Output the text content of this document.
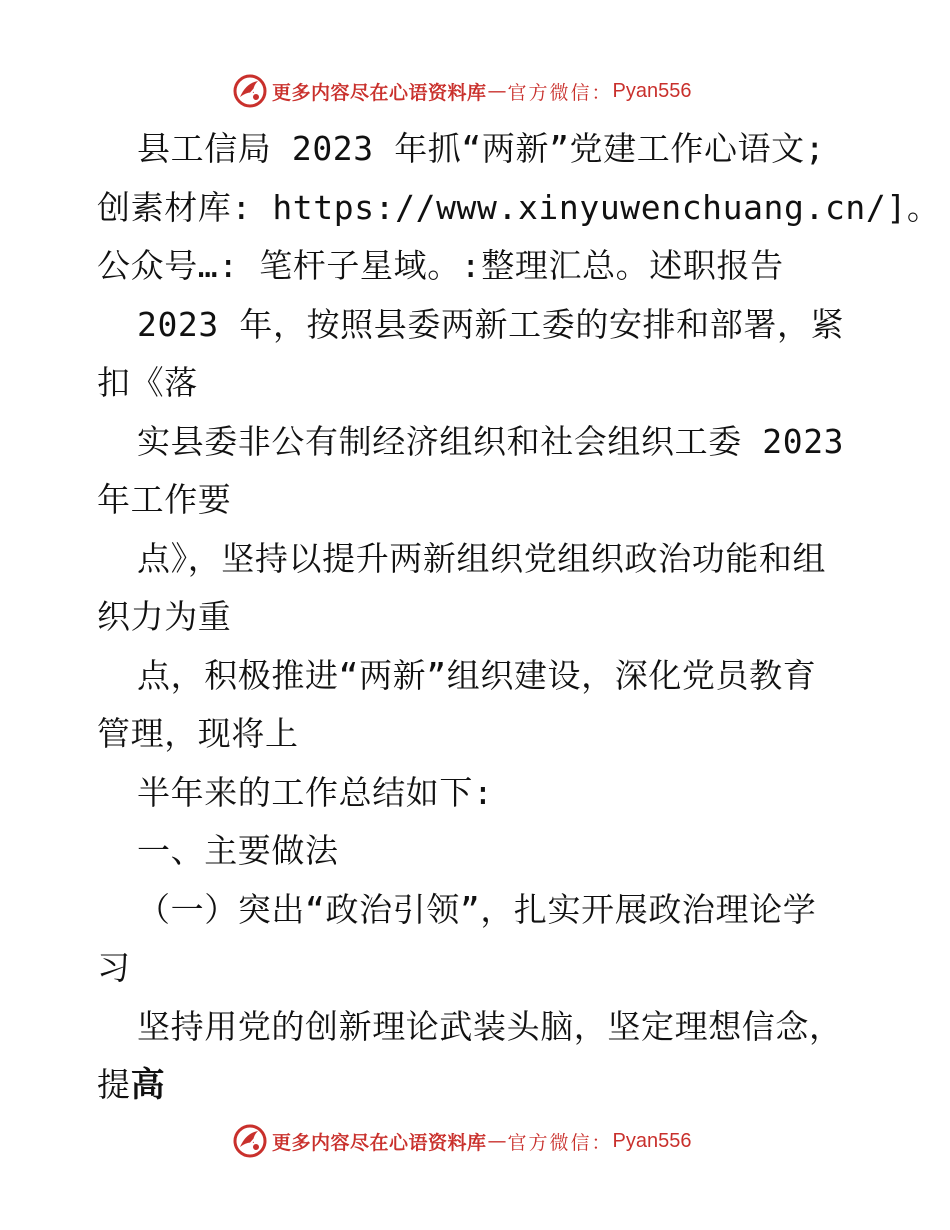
更多内容尽在心语资料库 — 官方微信： Pyan556
县工信局 2023 年抓“两新”党建工作心语文;
创素材库: https://www.xinyuwenchuang.cn/]。
公众号…: 笔杆子星域。:整理汇总。述职报告
2023 年，按照县委两新工委的安排和部署，紧
扣《落
实县委非公有制经济组织和社会组织工委 2023
年工作要
点》，坚持以提升两新组织党组织政治功能和组
织力为重
点，积极推进“两新”组织建设，深化党员教育
管理，现将上
半年来的工作总结如下:
一、主要做法
（一）突出“政治引领”，扎实开展政治理论学
习
坚持用党的创新理论武装头脑，坚定理想信念，
提高
更多内容尽在心语资料库 — 官方微信： Pyan556
